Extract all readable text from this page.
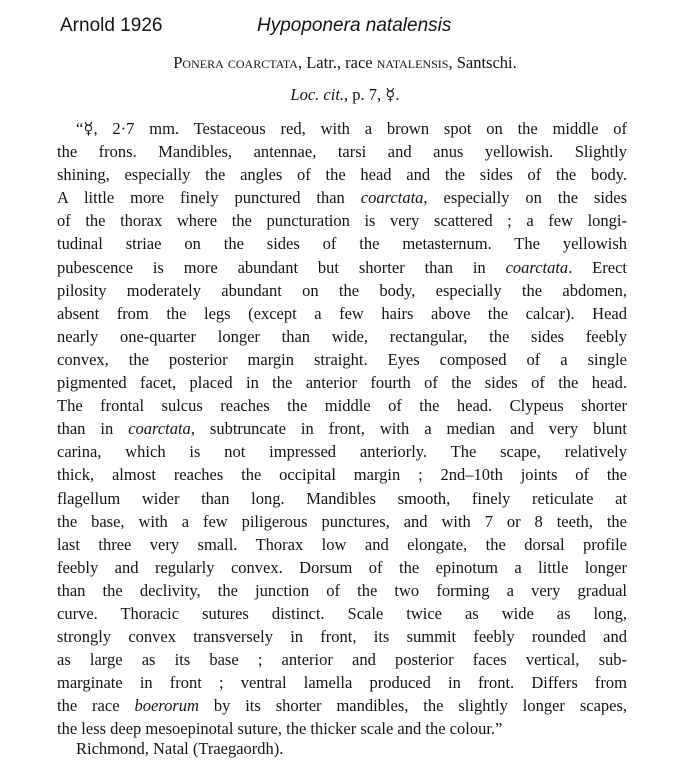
Arnold 1926	Hypoponera natalensis
Ponera coarctata, Latr., race natalensis, Santschi.
Loc. cit., p. 7, ☿.
“☿, 2·7 mm. Testaceous red, with a brown spot on the middle of
the frons. Mandibles, antennae, tarsi and anus yellowish. Slightly
shining, especially the angles of the head and the sides of the body.
A little more finely punctured than coarctata, especially on the sides
of the thorax where the puncturation is very scattered ; a few longi-
tudinal striae on the sides of the metasternum. The yellowish
pubescence is more abundant but shorter than in coarctata. Erect
pilosity moderately abundant on the body, especially the abdomen,
absent from the legs (except a few hairs above the calcar). Head
nearly one-quarter longer than wide, rectangular, the sides feebly
convex, the posterior margin straight. Eyes composed of a single
pigmented facet, placed in the anterior fourth of the sides of the head.
The frontal sulcus reaches the middle of the head. Clypeus shorter
than in coarctata, subtruncate in front, with a median and very blunt
carina, which is not impressed anteriorly. The scape, relatively
thick, almost reaches the occipital margin ; 2nd–10th joints of the
flagellum wider than long. Mandibles smooth, finely reticulate at
the base, with a few piligerous punctures, and with 7 or 8 teeth, the
last three very small. Thorax low and elongate, the dorsal profile
feebly and regularly convex. Dorsum of the epinotum a little longer
than the declivity, the junction of the two forming a very gradual
curve. Thoracic sutures distinct. Scale twice as wide as long,
strongly convex transversely in front, its summit feebly rounded and
as large as its base ; anterior and posterior faces vertical, sub-
marginate in front ; ventral lamella produced in front. Differs from
the race boerorum by its shorter mandibles, the slightly longer scapes,
the less deep mesoepinotal suture, the thicker scale and the colour.”
Richmond, Natal (Traegaordh).
